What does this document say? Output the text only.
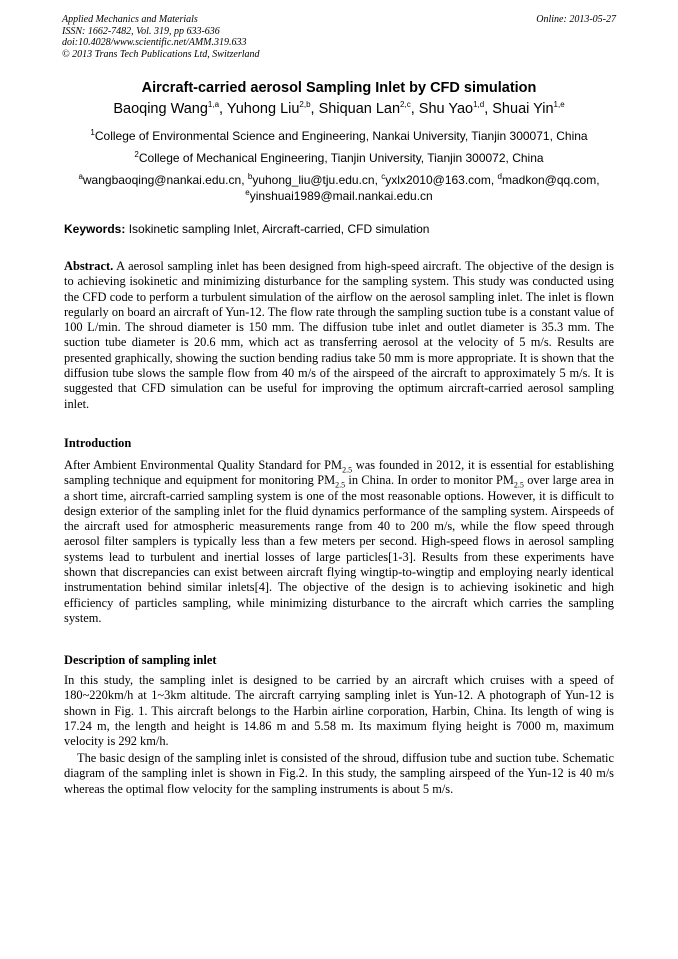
Applied Mechanics and Materials
ISSN: 1662-7482, Vol. 319, pp 633-636
doi:10.4028/www.scientific.net/AMM.319.633
© 2013 Trans Tech Publications Ltd, Switzerland
Online: 2013-05-27
Aircraft-carried aerosol Sampling Inlet by CFD simulation
Baoqing Wang$^{1,a}$, Yuhong Liu$^{2,b}$, Shiquan Lan$^{2,c}$, Shu Yao$^{1,d}$, Shuai Yin$^{1,e}$
$^1$College of Environmental Science and Engineering, Nankai University, Tianjin 300071, China
$^2$College of Mechanical Engineering, Tianjin University, Tianjin 300072, China
$^a$wangbaoqing@nankai.edu.cn, $^b$yuhong_liu@tju.edu.cn, $^c$yxlx2010@163.com, $^d$madkon@qq.com,
$^e$yinshuai1989@mail.nankai.edu.cn
Keywords: Isokinetic sampling Inlet, Aircraft-carried, CFD simulation
Abstract. A aerosol sampling inlet has been designed from high-speed aircraft. The objective of the design is to achieving isokinetic and minimizing disturbance for the sampling system. This study was conducted using the CFD code to perform a turbulent simulation of the airflow on the aerosol sampling inlet. The inlet is flown regularly on board an aircraft of Yun-12. The flow rate through the sampling suction tube is a constant value of 100 L/min. The shroud diameter is 150 mm. The diffusion tube inlet and outlet diameter is 35.3 mm. The suction tube diameter is 20.6 mm, which act as transferring aerosol at the velocity of 5 m/s. Results are presented graphically, showing the suction bending radius take 50 mm is more appropriate. It is shown that the diffusion tube slows the sample flow from 40 m/s of the airspeed of the aircraft to approximately 5 m/s. It is suggested that CFD simulation can be useful for improving the optimum aircraft-carried aerosol sampling inlet.
Introduction
After Ambient Environmental Quality Standard for $PM_{2.5}$ was founded in 2012, it is essential for establishing sampling technique and equipment for monitoring $PM_{2.5}$ in China. In order to monitor $PM_{2.5}$ over large area in a short time, aircraft-carried sampling system is one of the most reasonable options. However, it is difficult to design exterior of the sampling inlet for the fluid dynamics performance of the sampling system. Airspeeds of the aircraft used for atmospheric measurements range from 40 to 200 m/s, while the flow speed through aerosol filter samplers is typically less than a few meters per second. High-speed flows in aerosol sampling systems lead to turbulent and inertial losses of large particles[1-3]. Results from these experiments have shown that discrepancies can exist between aircraft flying wingtip-to-wingtip and employing nearly identical instrumentation behind similar inlets[4]. The objective of the design is to achieving isokinetic and high efficiency of particles sampling, while minimizing disturbance to the aircraft which carries the sampling system.
Description of sampling inlet
In this study, the sampling inlet is designed to be carried by an aircraft which cruises with a speed of 180~220km/h at 1~3km altitude. The aircraft carrying sampling inlet is Yun-12. A photograph of Yun-12 is shown in Fig. 1. This aircraft belongs to the Harbin airline corporation, Harbin, China. Its length of wing is 17.24 m, the length and height is 14.86 m and 5.58 m. Its maximum flying height is 7000 m, maximum velocity is 292 km/h.
The basic design of the sampling inlet is consisted of the shroud, diffusion tube and suction tube. Schematic diagram of the sampling inlet is shown in Fig.2. In this study, the sampling airspeed of the Yun-12 is 40 m/s whereas the optimal flow velocity for the sampling instruments is about 5 m/s.
